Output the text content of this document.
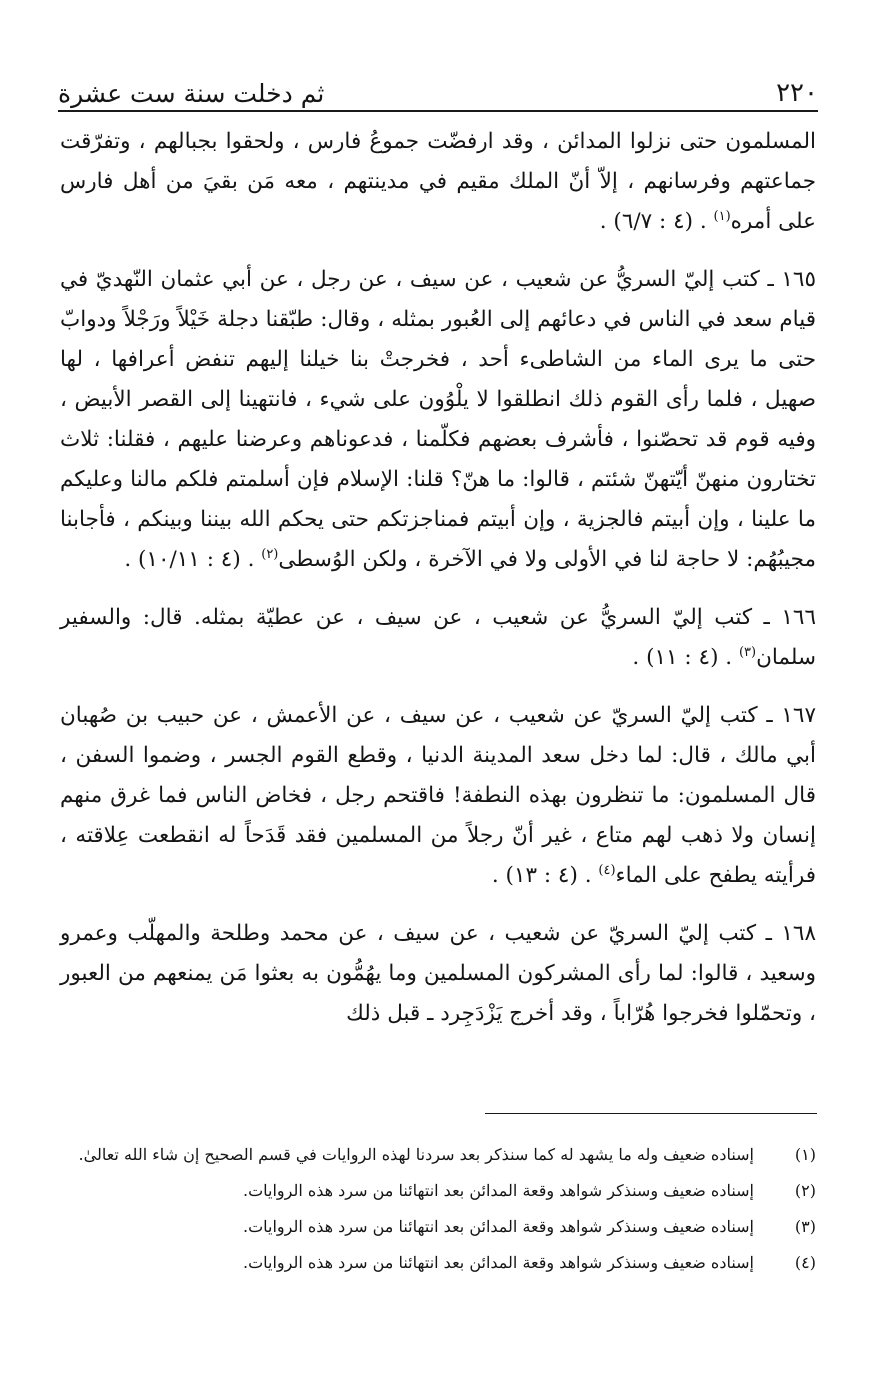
٢٢٠
ثم دخلت سنة ست عشرة

المسلمون حتى نزلوا المدائن ، وقد ارفضّت جموعُ فارس ، ولحقوا بجبالهم ، وتفرّقت جماعتهم وفرسانهم ، إلاّ أنّ الملك مقيم في مدينتهم ، معه مَن بقيَ من أهل فارس على أمره$^{(١)}$ . (٤ : ٦/٧) .

١٦٥ ـ كتب إليّ السريُّ عن شعيب ، عن سيف ، عن رجل ، عن أبي عثمان النّهديّ في قيام سعد في الناس في دعائهم إلى العُبور بمثله ، وقال: طبّقنا دجلة خَيْلاً ورَجْلاً ودوابّ حتى ما يرى الماء من الشاطىء أحد ، فخرجتْ بنا خيلنا إليهم تنفض أعرافها ، لها صهيل ، فلما رأى القوم ذلك انطلقوا لا يلْوُون على شيء ، فانتهينا إلى القصر الأبيض ، وفيه قوم قد تحصّنوا ، فأشرف بعضهم فكلّمنا ، فدعوناهم وعرضنا عليهم ، فقلنا: ثلاث تختارون منهنّ أيّتهنّ شئتم ، قالوا: ما هنّ؟ قلنا: الإسلام فإن أسلمتم فلكم مالنا وعليكم ما علينا ، وإن أبيتم فالجزية ، وإن أبيتم فمناجزتكم حتى يحكم الله بيننا وبينكم ، فأجابنا مجيبُهُم: لا حاجة لنا في الأولى ولا في الآخرة ، ولكن الوُسطى$^{(٢)}$ . (٤ : ١٠/١١) .

١٦٦ ـ كتب إليّ السريُّ عن شعيب ، عن سيف ، عن عطيّة بمثله. قال: والسفير سلمان$^{(٣)}$ . (٤ : ١١) .

١٦٧ ـ كتب إليّ السريّ عن شعيب ، عن سيف ، عن الأعمش ، عن حبيب بن صُهبان أبي مالك ، قال: لما دخل سعد المدينة الدنيا ، وقطع القوم الجسر ، وضموا السفن ، قال المسلمون: ما تنظرون بهذه النطفة! فاقتحم رجل ، فخاض الناس فما غرق منهم إنسان ولا ذهب لهم متاع ، غير أنّ رجلاً من المسلمين فقد قَدَحاً له انقطعت عِلاقته ، فرأيته يطفح على الماء$^{(٤)}$ . (٤ : ١٣) .

١٦٨ ـ كتب إليّ السريّ عن شعيب ، عن سيف ، عن محمد وطلحة والمهلّب وعمرو وسعيد ، قالوا: لما رأى المشركون المسلمين وما يهُمُّون به بعثوا مَن يمنعهم من العبور ، وتحمّلوا فخرجوا هُرّاباً ، وقد أخرج يَزْدَجِرد ـ قبل ذلك

(١)
إسناده ضعيف وله ما يشهد له كما سنذكر بعد سردنا لهذه الروايات في قسم الصحيح إن شاء الله تعالىٰ.
(٢)
إسناده ضعيف وسنذكر شواهد وقعة المدائن بعد انتهائنا من سرد هذه الروايات.
(٣)
إسناده ضعيف وسنذكر شواهد وقعة المدائن بعد انتهائنا من سرد هذه الروايات.
(٤)
إسناده ضعيف وسنذكر شواهد وقعة المدائن بعد انتهائنا من سرد هذه الروايات.
